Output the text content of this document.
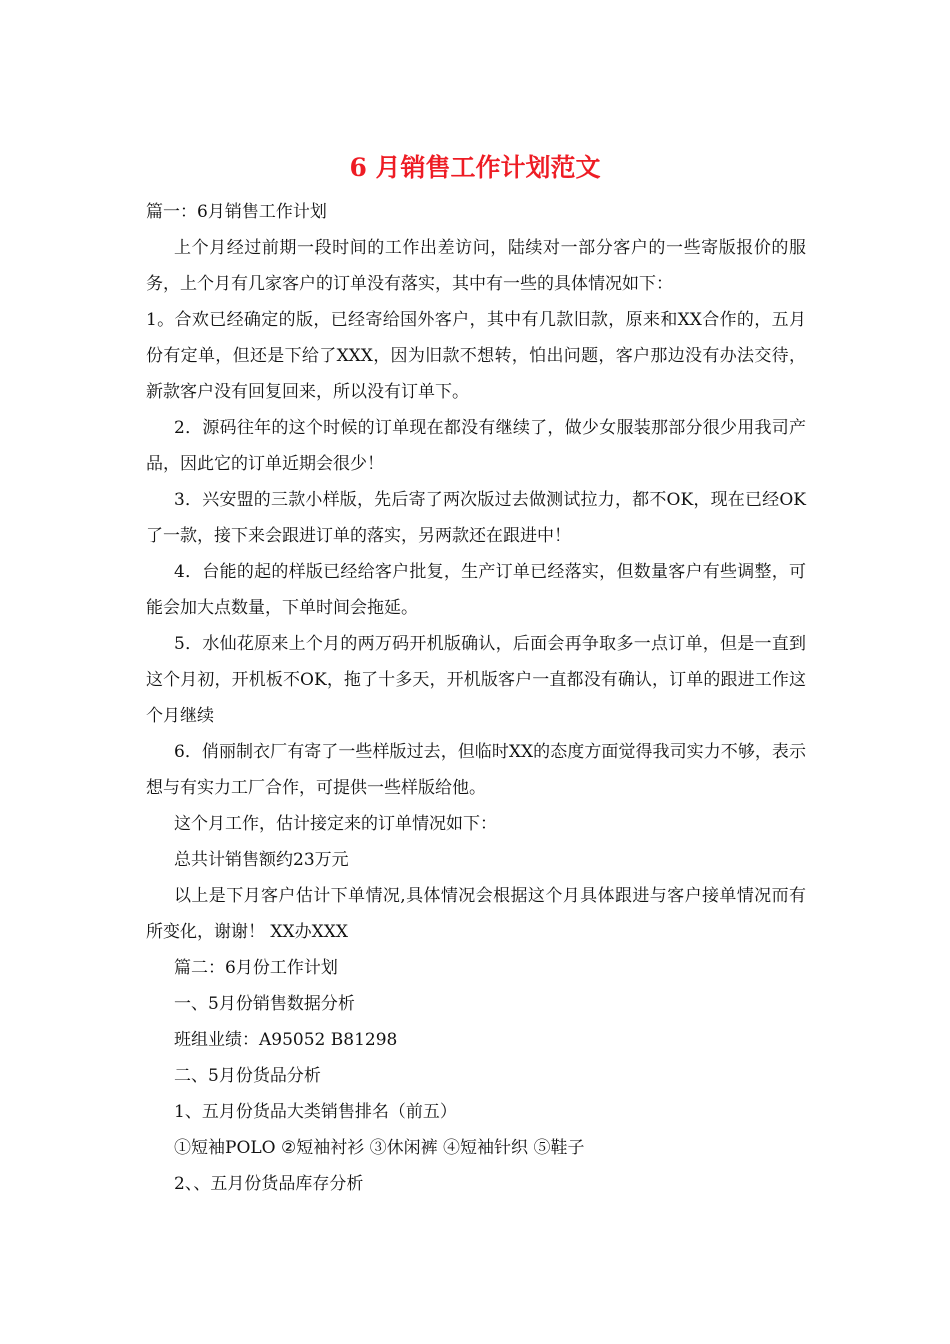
6 月销售工作计划范文

篇一：6月销售工作计划

上个月经过前期一段时间的工作出差访问，陆续对一部分客户的一些寄版报价的服务，上个月有几家客户的订单没有落实，其中有一些的具体情况如下：

1。合欢已经确定的版，已经寄给国外客户，其中有几款旧款，原来和XX合作的，五月份有定单，但还是下给了XXX，因为旧款不想转，怕出问题，客户那边没有办法交待，新款客户没有回复回来，所以没有订单下。

2．源码往年的这个时候的订单现在都没有继续了，做少女服装那部分很少用我司产品，因此它的订单近期会很少！

3．兴安盟的三款小样版，先后寄了两次版过去做测试拉力，都不OK，现在已经OK了一款，接下来会跟进订单的落实，另两款还在跟进中！

4．台能的起的样版已经给客户批复，生产订单已经落实，但数量客户有些调整，可能会加大点数量，下单时间会拖延。

5．水仙花原来上个月的两万码开机版确认，后面会再争取多一点订单，但是一直到这个月初，开机板不OK，拖了十多天，开机版客户一直都没有确认，订单的跟进工作这个月继续

6．俏丽制衣厂有寄了一些样版过去，但临时XX的态度方面觉得我司实力不够，表示想与有实力工厂合作，可提供一些样版给他。

这个月工作，估计接定来的订单情况如下：

总共计销售额约23万元

以上是下月客户估计下单情况,具体情况会根据这个月具体跟进与客户接单情况而有所变化，谢谢！ XX办XXX

篇二：6月份工作计划

一、5月份销售数据分析

班组业绩：A95052 B81298

二、5月份货品分析

1、五月份货品大类销售排名（前五）

①短袖POLO ②短袖衬衫 ③休闲裤 ④短袖针织 ⑤鞋子

2、、五月份货品库存分析
